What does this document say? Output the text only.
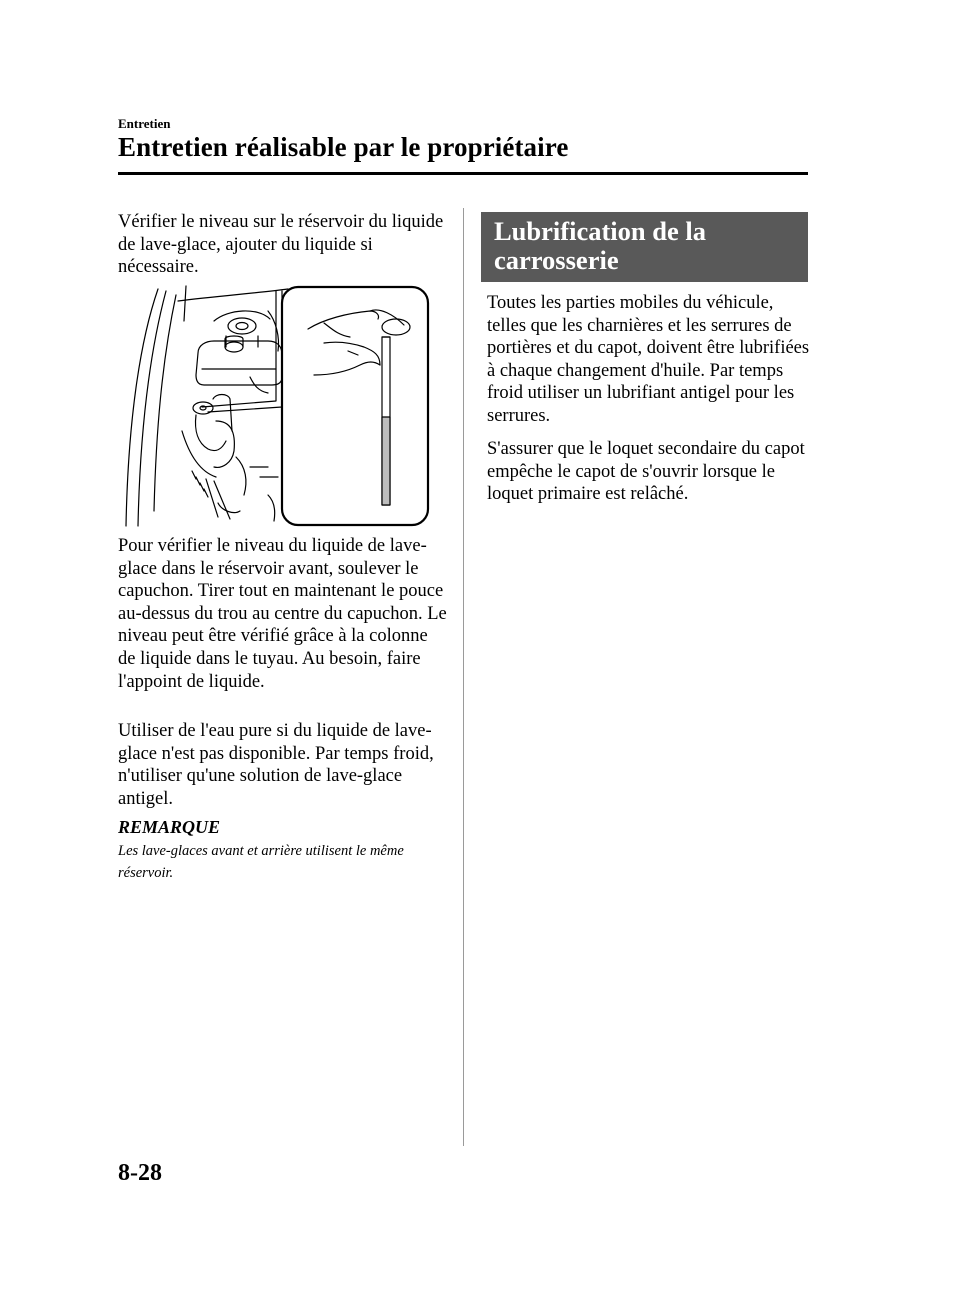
Entretien
Entretien réalisable par le propriétaire

Vérifier le niveau sur le réservoir du liquide de lave-glace, ajouter du liquide si nécessaire.

Pour vérifier le niveau du liquide de lave-glace dans le réservoir avant, soulever le capuchon. Tirer tout en maintenant le pouce au-dessus du trou au centre du capuchon. Le niveau peut être vérifié grâce à la colonne de liquide dans le tuyau. Au besoin, faire l'appoint de liquide.

Utiliser de l'eau pure si du liquide de lave-glace n'est pas disponible. Par temps froid, n'utiliser qu'une solution de lave-glace antigel.

REMARQUE

Les lave-glaces avant et arrière utilisent le même réservoir.

Lubrification de la carrosserie

Toutes les parties mobiles du véhicule, telles que les charnières et les serrures de portières et du capot, doivent être lubrifiées à chaque changement d'huile. Par temps froid utiliser un lubrifiant antigel pour les serrures.

S'assurer que le loquet secondaire du capot empêche le capot de s'ouvrir lorsque le loquet primaire est relâché.

8-28
